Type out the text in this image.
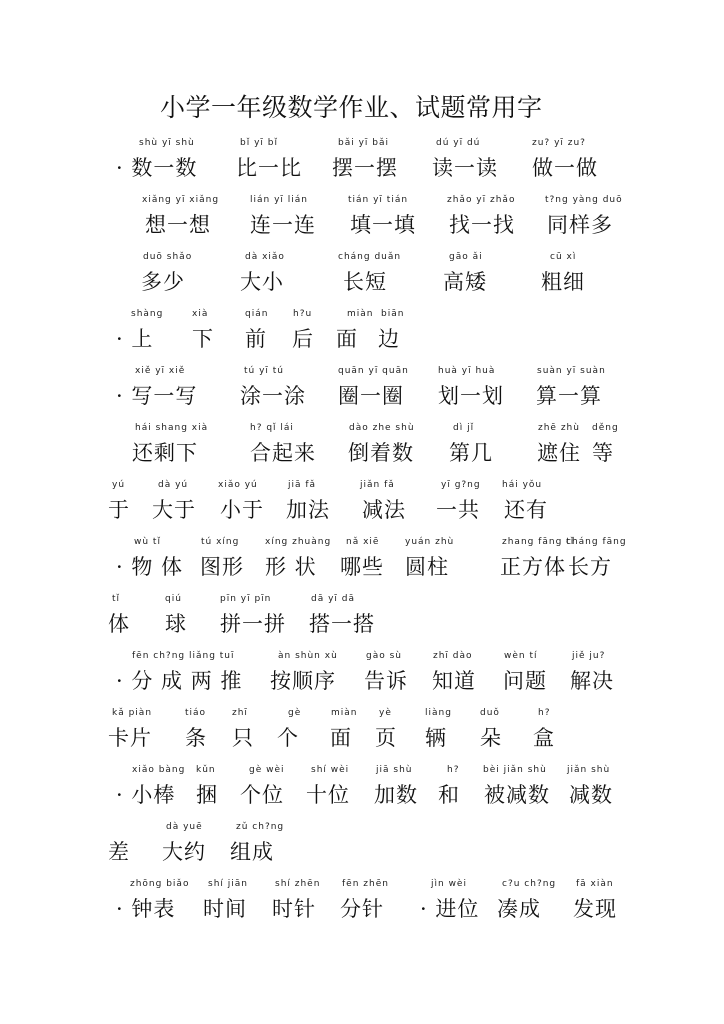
小学一年级数学作业、试题常用字
shù yī shù
· 数一数
bǐ yī bǐ
比一比
bǎi yī bǎi
摆一摆
dú yī dú
读一读
zu? yī zu?
做一做
xiǎng yī xiǎng
想一想
lián yī lián
连一连
tián yī tián
填一填
zhǎo yī zhǎo
找一找
t?ng yàng duō
同样多
duō shǎo
多少
dà xiǎo
大小
cháng duǎn
长短
gāo ǎi
高矮
cū xì
粗细
shàng
· 上
xià
下
qián
前
h?u
后
miàn
面
biān
边
xiě yī xiě
· 写一写
tú yī tú
涂一涂
quān yī quān
圈一圈
huà yī huà
划一划
suàn yī suàn
算一算
hái shang xià
还剩下
h? qǐ lái
合起来
dào zhe shù
倒着数
dì jǐ
第几
zhē zhù
遮住
děng
等
yú
于
dà yú
大于
xiǎo yú
小于
jiā fǎ
加法
jiǎn fǎ
减法
yī g?ng
一共
hái yǒu
还有
wù tǐ
· 物 体
tú xíng
图形
xíng zhuàng
形 状
nǎ xiē
哪些
yuán zhù
圆柱
zhang fāng tǐ
正方体
cháng fāng
长方
tǐ
体
qiú
球
pīn yī pīn
拼一拼
dā yī dā
搭一搭
fēn ch?ng liǎng tuī
· 分 成 两 推
àn shùn xù
按顺序
gào sù
告诉
zhī dào
知道
wèn tí
问题
jiě ju?
解决
kǎ piàn
卡片
tiáo
条
zhī
只
gè
个
miàn
面
yè
页
liàng
辆
duǒ
朵
h?
盒
xiǎo bàng
· 小棒
kǔn
捆
gè wèi
个位
shí wèi
十位
jiā shù
加数
h?
和
bèi jiǎn shù
被减数
jiǎn shù
减数
差
dà yuē
大约
zǔ ch?ng
组成
zhōng biǎo
· 钟表
shí jiān
时间
shí zhēn
时针
fēn zhēn
分针
jìn wèi
· 进位
c?u ch?ng
凑成
fā xiàn
发现
